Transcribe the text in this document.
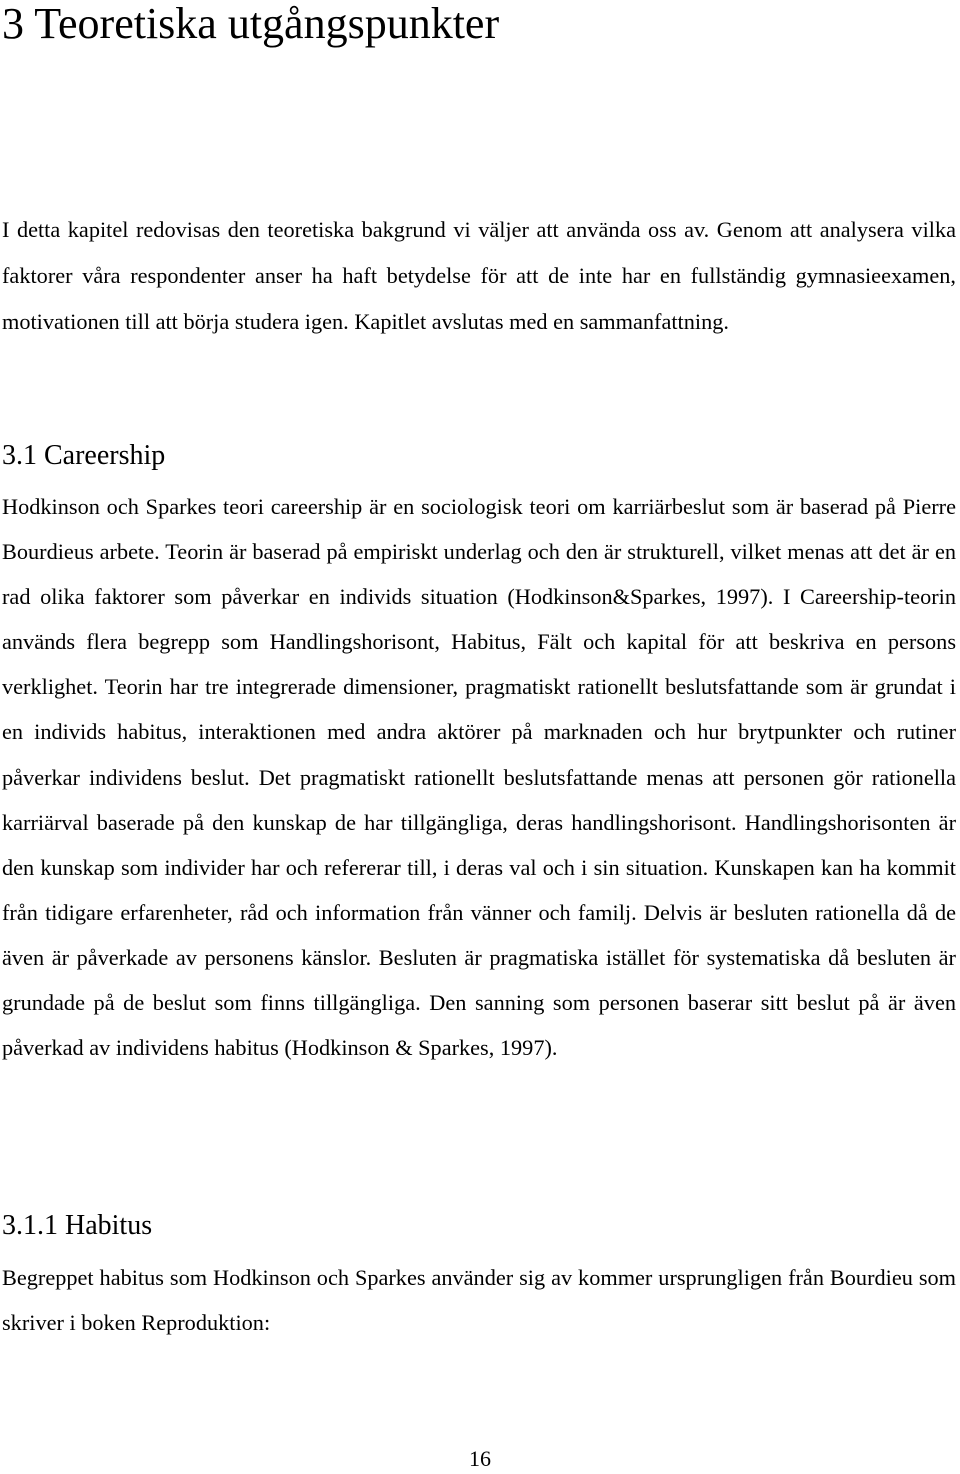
3 Teoretiska utgångspunkter

I detta kapitel redovisas den teoretiska bakgrund vi väljer att använda oss av. Genom att analysera vilka faktorer våra respondenter anser ha haft betydelse för att de inte har en fullständig gymnasieexamen, motivationen till att börja studera igen. Kapitlet avslutas med en sammanfattning.

3.1 Careership

Hodkinson och Sparkes teori careership är en sociologisk teori om karriärbeslut som är baserad på Pierre Bourdieus arbete. Teorin är baserad på empiriskt underlag och den är strukturell, vilket menas att det är en rad olika faktorer som påverkar en individs situation (Hodkinson&Sparkes, 1997). I Careership-teorin används flera begrepp som Handlingshorisont, Habitus, Fält och kapital för att beskriva en persons verklighet. Teorin har tre integrerade dimensioner, pragmatiskt rationellt beslutsfattande som är grundat i en individs habitus, interaktionen med andra aktörer på marknaden och hur brytpunkter och rutiner påverkar individens beslut. Det pragmatiskt rationellt beslutsfattande menas att personen gör rationella karriärval baserade på den kunskap de har tillgängliga, deras handlingshorisont. Handlingshorisonten är den kunskap som individer har och refererar till, i deras val och i sin situation. Kunskapen kan ha kommit från tidigare erfarenheter, råd och information från vänner och familj. Delvis är besluten rationella då de även är påverkade av personens känslor. Besluten är pragmatiska istället för systematiska då besluten är grundade på de beslut som finns tillgängliga. Den sanning som personen baserar sitt beslut på är även påverkad av individens habitus (Hodkinson & Sparkes, 1997).

3.1.1 Habitus

Begreppet habitus som Hodkinson och Sparkes använder sig av kommer ursprungligen från Bourdieu som skriver i boken Reproduktion:

16
